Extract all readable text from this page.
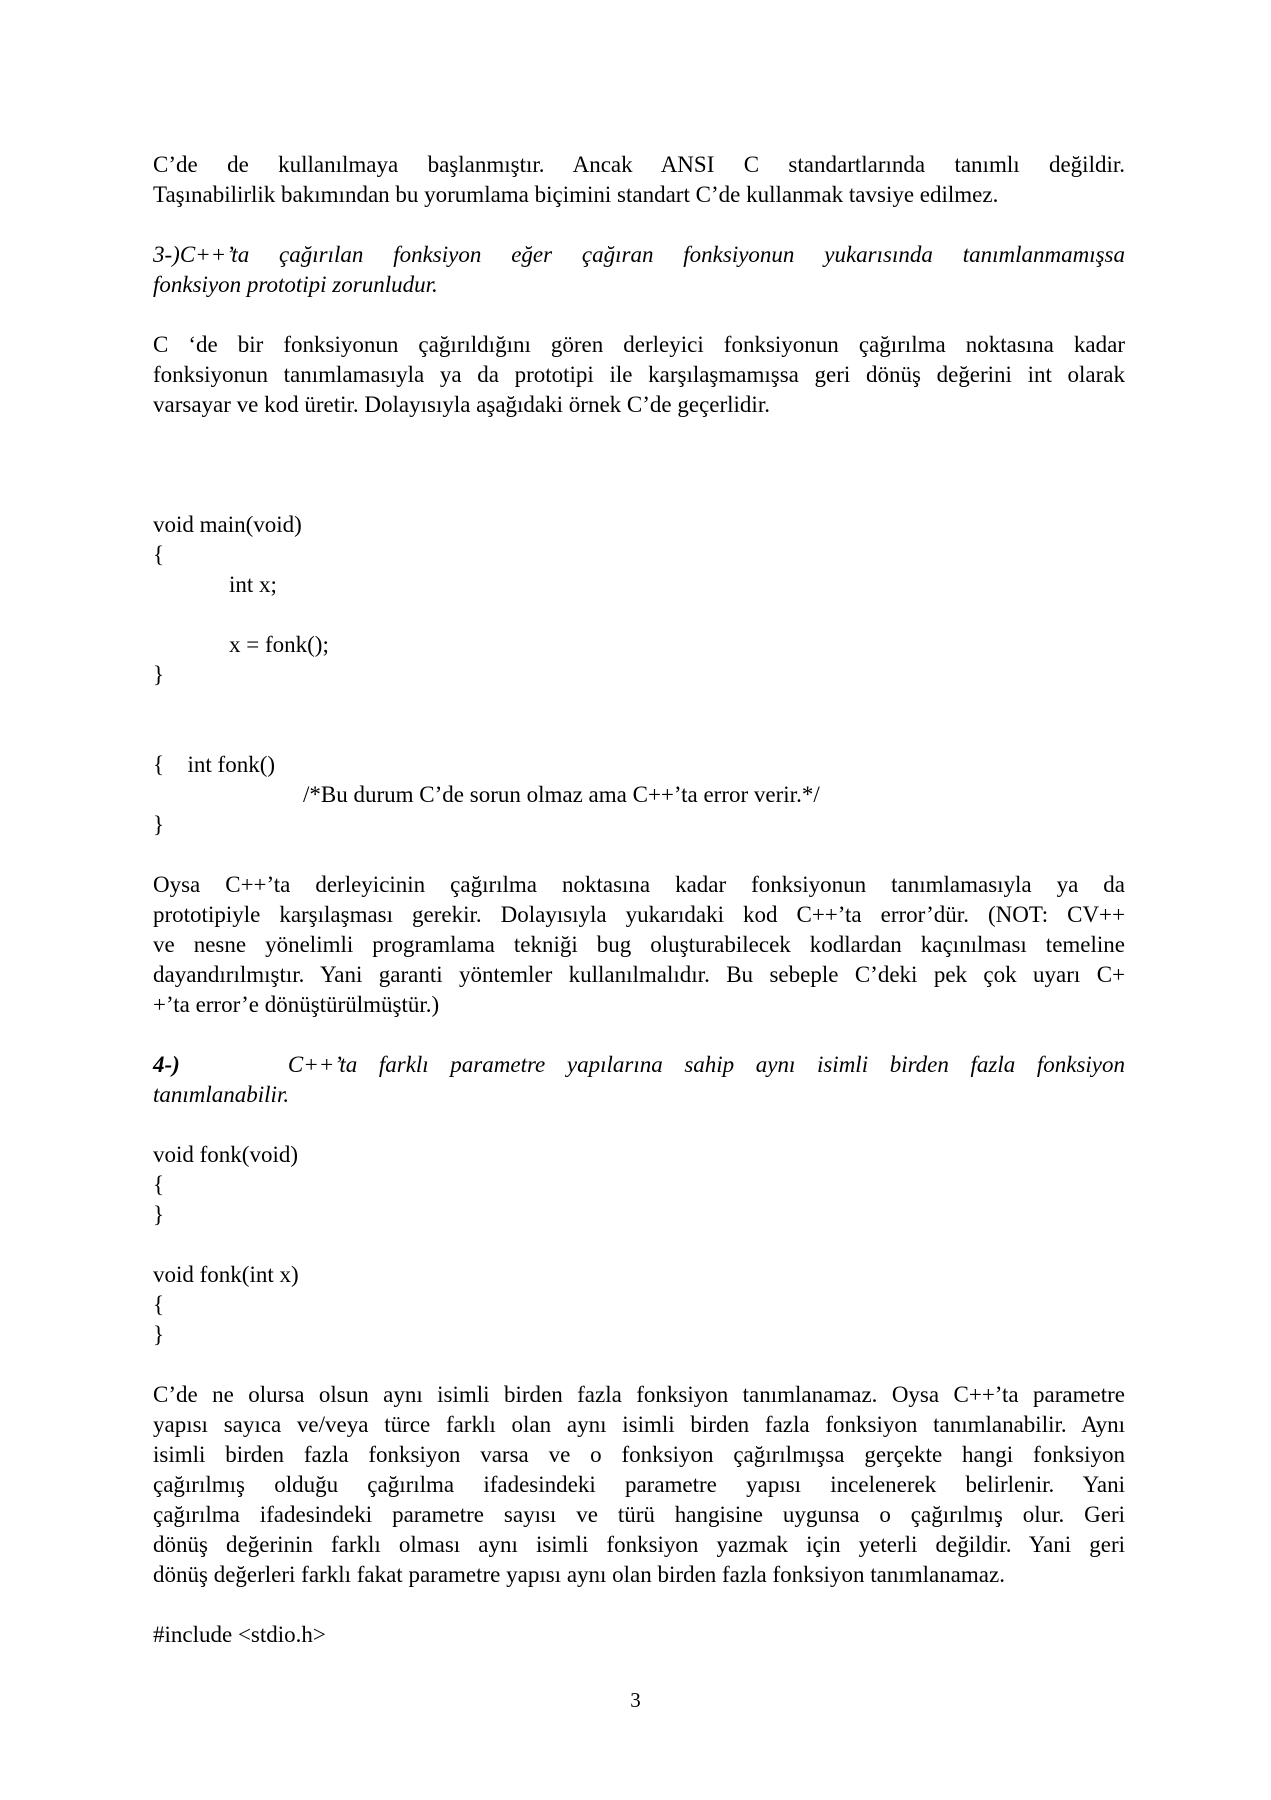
C’de de kullanılmaya başlanmıştır. Ancak ANSI C standartlarında tanımlı değildir.
Taşınabilirlik bakımından bu yorumlama biçimini standart C’de kullanmak tavsiye edilmez.
3-)C++’ta çağırılan fonksiyon eğer çağıran fonksiyonun yukarısında tanımlanmamışsa
fonksiyon prototipi zorunludur.
C ‘de bir fonksiyonun çağırıldığını gören derleyici fonksiyonun çağırılma noktasına kadar
fonksiyonun tanımlamasıyla ya da prototipi ile karşılaşmamışsa geri dönüş değerini int olarak
varsayar ve kod üretir. Dolayısıyla aşağıdaki örnek C’de geçerlidir.
void main(void)
{
int x;
x = fonk();
}

int fonk()

/*Bu durum C’de sorun olmaz ama C++’ta error verir.*/

{
}
Oysa C++’ta derleyicinin çağırılma noktasına kadar fonksiyonun tanımlamasıyla ya da
prototipiyle karşılaşması gerekir. Dolayısıyla yukarıdaki kod C++’ta error’dür. (NOT: CV++
ve nesne yönelimli programlama tekniği bug oluşturabilecek kodlardan kaçınılması temeline
dayandırılmıştır. Yani garanti yöntemler kullanılmalıdır. Bu sebeple C’deki pek çok uyarı C+
+’ta error’e dönüştürülmüştür.)
4-)	C++’ta farklı parametre yapılarına sahip aynı isimli birden fazla fonksiyon
tanımlanabilir.
void fonk(void)
{
}
void fonk(int x)
{
}
C’de ne olursa olsun aynı isimli birden fazla fonksiyon tanımlanamaz. Oysa C++’ta parametre
yapısı sayıca ve/veya türce farklı olan aynı isimli birden fazla fonksiyon tanımlanabilir. Aynı
isimli birden fazla fonksiyon varsa ve o fonksiyon çağırılmışsa gerçekte hangi fonksiyon
çağırılmış olduğu çağırılma ifadesindeki parametre yapısı incelenerek belirlenir. Yani
çağırılma ifadesindeki parametre sayısı ve türü hangisine uygunsa o çağırılmış olur. Geri
dönüş değerinin farklı olması aynı isimli fonksiyon yazmak için yeterli değildir. Yani geri
dönüş değerleri farklı fakat parametre yapısı aynı olan birden fazla fonksiyon tanımlanamaz.
#include <stdio.h>
3
